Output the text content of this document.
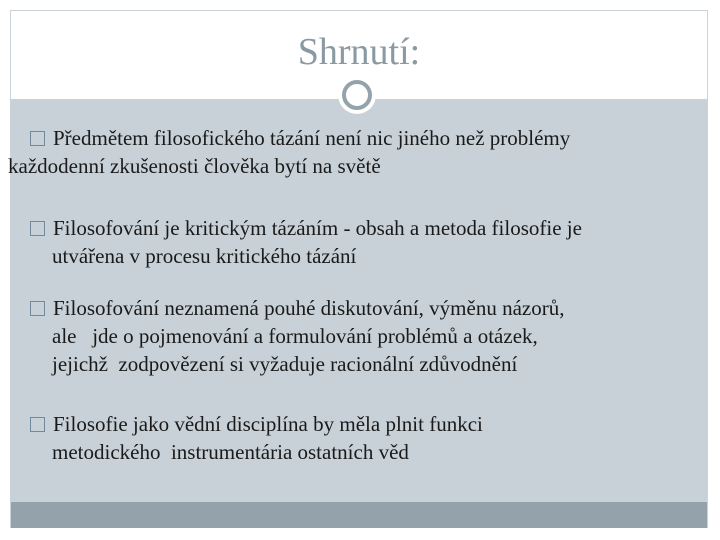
Shrnutí:
Předmětem filosofického tázání není nic jiného než problémy
každodenní zkušenosti člověka bytí na světě
Filosofování je kritickým tázáním - obsah a metoda filosofie je
utvářena v procesu kritického tázání
Filosofování neznamená pouhé diskutování, výměnu názorů,
ale   jde o pojmenování a formulování problémů a otázek,
jejichž  zodpovězení si vyžaduje racionální zdůvodnění
Filosofie jako vědní disciplína by měla plnit funkci
metodického  instrumentária ostatních věd
